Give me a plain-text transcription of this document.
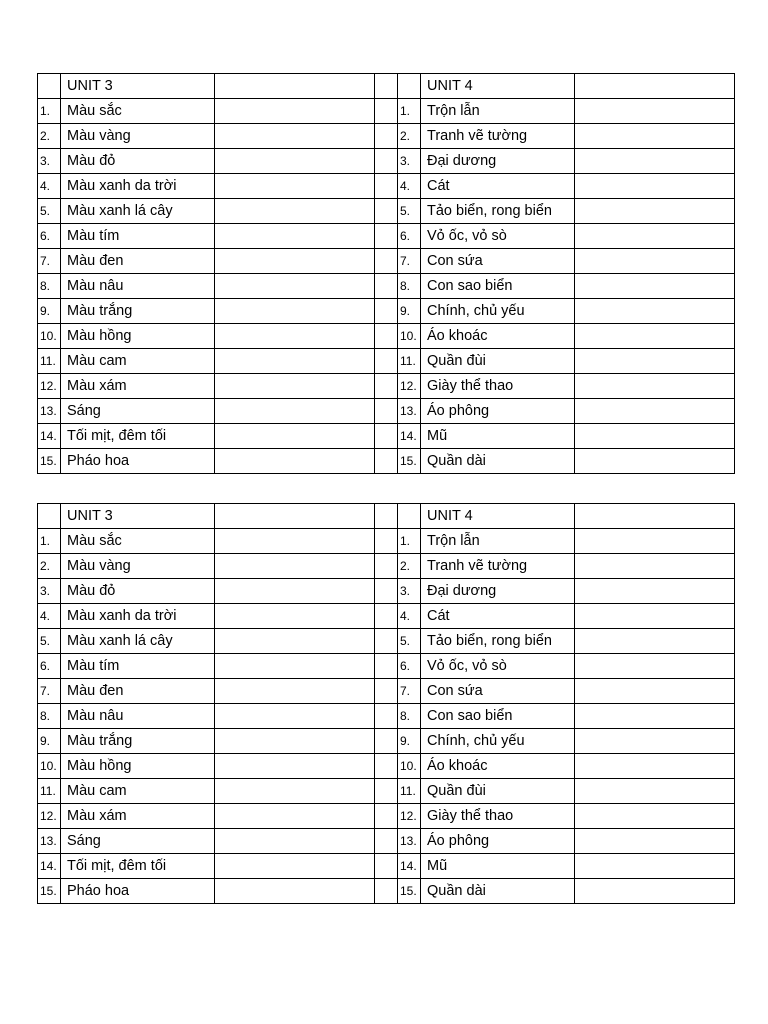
	UNIT 3				UNIT 4	
1.	Màu sắc			1.	Trộn lẫn	
2.	Màu vàng			2.	Tranh vẽ tường	
3.	Màu đỏ			3.	Đại dương	
4.	Màu xanh da trời			4.	Cát	
5.	Màu xanh lá cây			5.	Tảo biển, rong biển	
6.	Màu tím			6.	Vỏ ốc, vỏ sò	
7.	Màu đen			7.	Con sứa	
8.	Màu nâu			8.	Con sao biển	
9.	Màu trắng			9.	Chính, chủ yếu	
10.	Màu hồng			10.	Áo khoác	
11.	Màu cam			11.	Quần đùi	
12.	Màu xám			12.	Giày thể thao	
13.	Sáng			13.	Áo phông	
14.	Tối mịt, đêm tối			14.	Mũ	
15.	Pháo hoa			15.	Quần dài	
	UNIT 3				UNIT 4	
1.	Màu sắc			1.	Trộn lẫn	
2.	Màu vàng			2.	Tranh vẽ tường	
3.	Màu đỏ			3.	Đại dương	
4.	Màu xanh da trời			4.	Cát	
5.	Màu xanh lá cây			5.	Tảo biển, rong biển	
6.	Màu tím			6.	Vỏ ốc, vỏ sò	
7.	Màu đen			7.	Con sứa	
8.	Màu nâu			8.	Con sao biển	
9.	Màu trắng			9.	Chính, chủ yếu	
10.	Màu hồng			10.	Áo khoác	
11.	Màu cam			11.	Quần đùi	
12.	Màu xám			12.	Giày thể thao	
13.	Sáng			13.	Áo phông	
14.	Tối mịt, đêm tối			14.	Mũ	
15.	Pháo hoa			15.	Quần dài	
